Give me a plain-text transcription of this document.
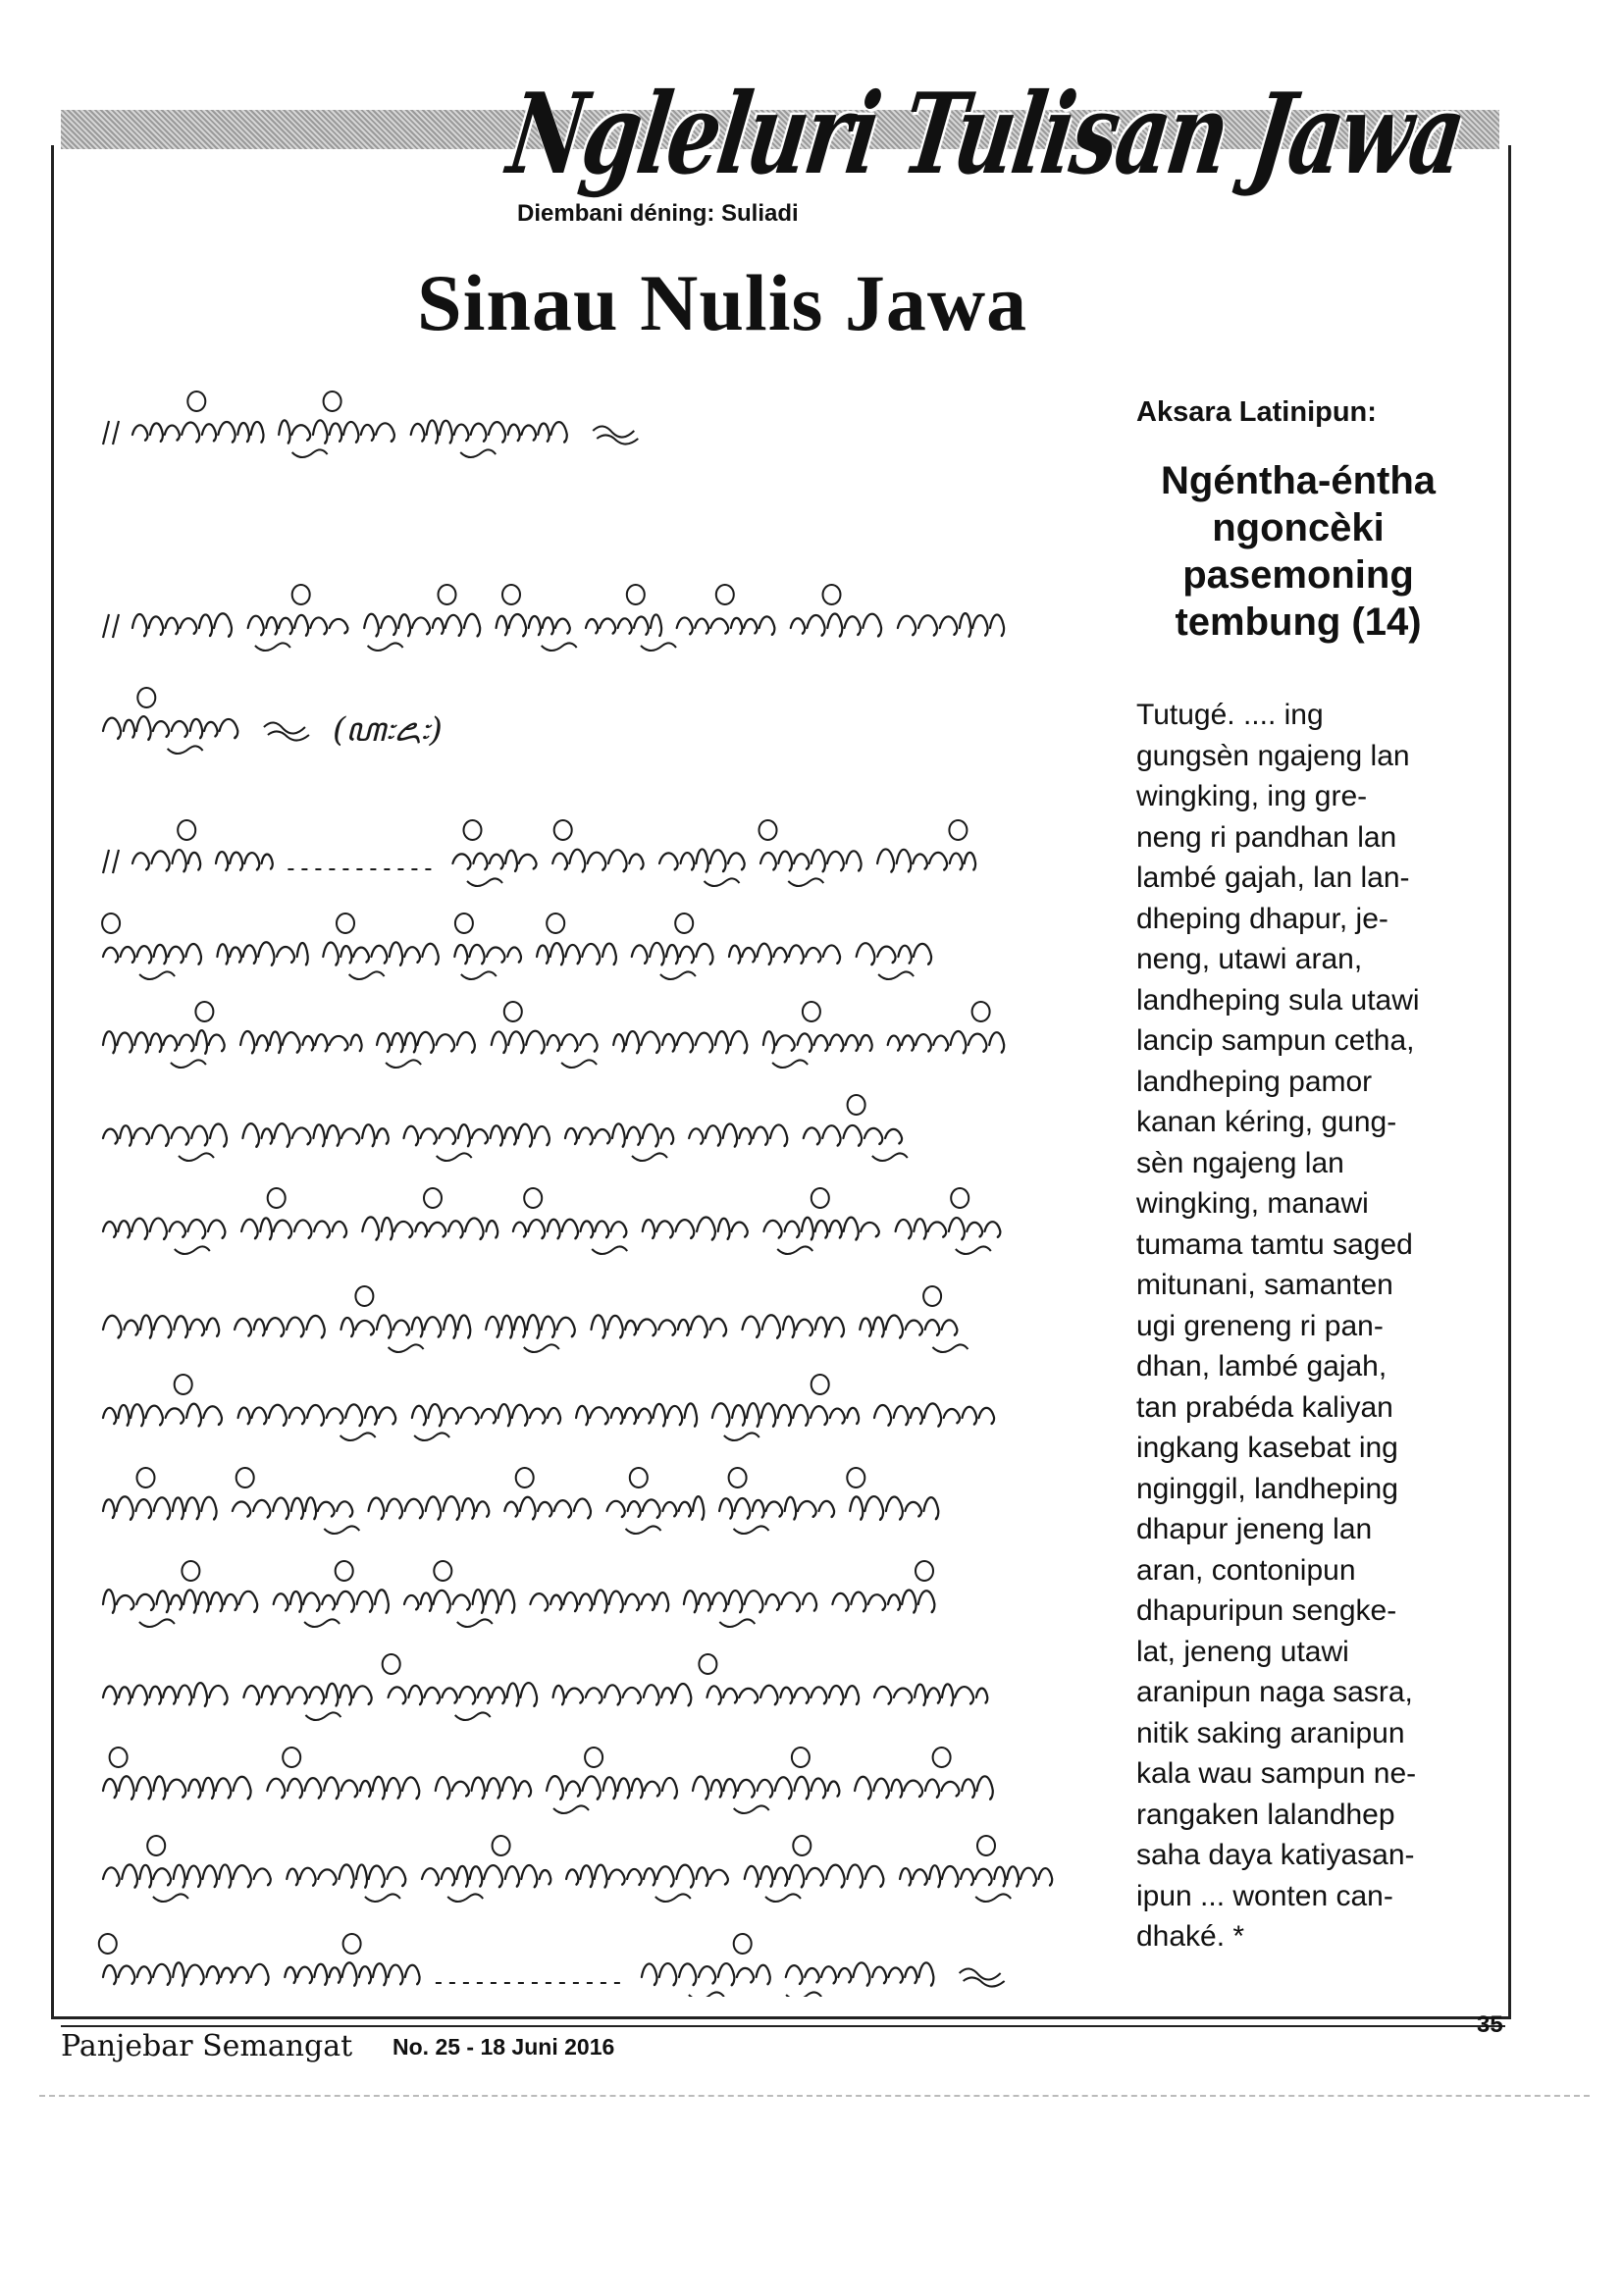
Ngleluri Tulisan Jawa
Diembani déning: Suliadi
Sinau Nulis Jawa
Aksara Latinipun:
Ngéntha-éntha
ngoncèki
pasemoning
tembung (14)
Tutugé. .... ing
gungsèn ngajeng lan
wingking, ing gre-
neng ri pandhan lan
lambé gajah, lan lan-
dheping dhapur, je-
neng, utawi aran,
landheping sula utawi
lancip sampun cetha,
landheping pamor
kanan kéring, gung-
sèn ngajeng lan
wingking, manawi
tumama tamtu saged
mitunani, samanten
ugi greneng ri pan-
dhan, lambé gajah,
tan prabéda kaliyan
ingkang kasebat ing
nginggil, landheping
dhapur jeneng lan
aran, contonipun
dhapuripun sengke-
lat, jeneng utawi
aranipun naga sasra,
nitik saking aranipun
kala wau sampun ne-
rangaken lalandhep
saha daya katiyasan-
ipun ... wonten can-
dhaké. *
(ꦲ꧇꧖꧇)
Panjebar Semangat No. 25 - 18 Juni 2016
35
